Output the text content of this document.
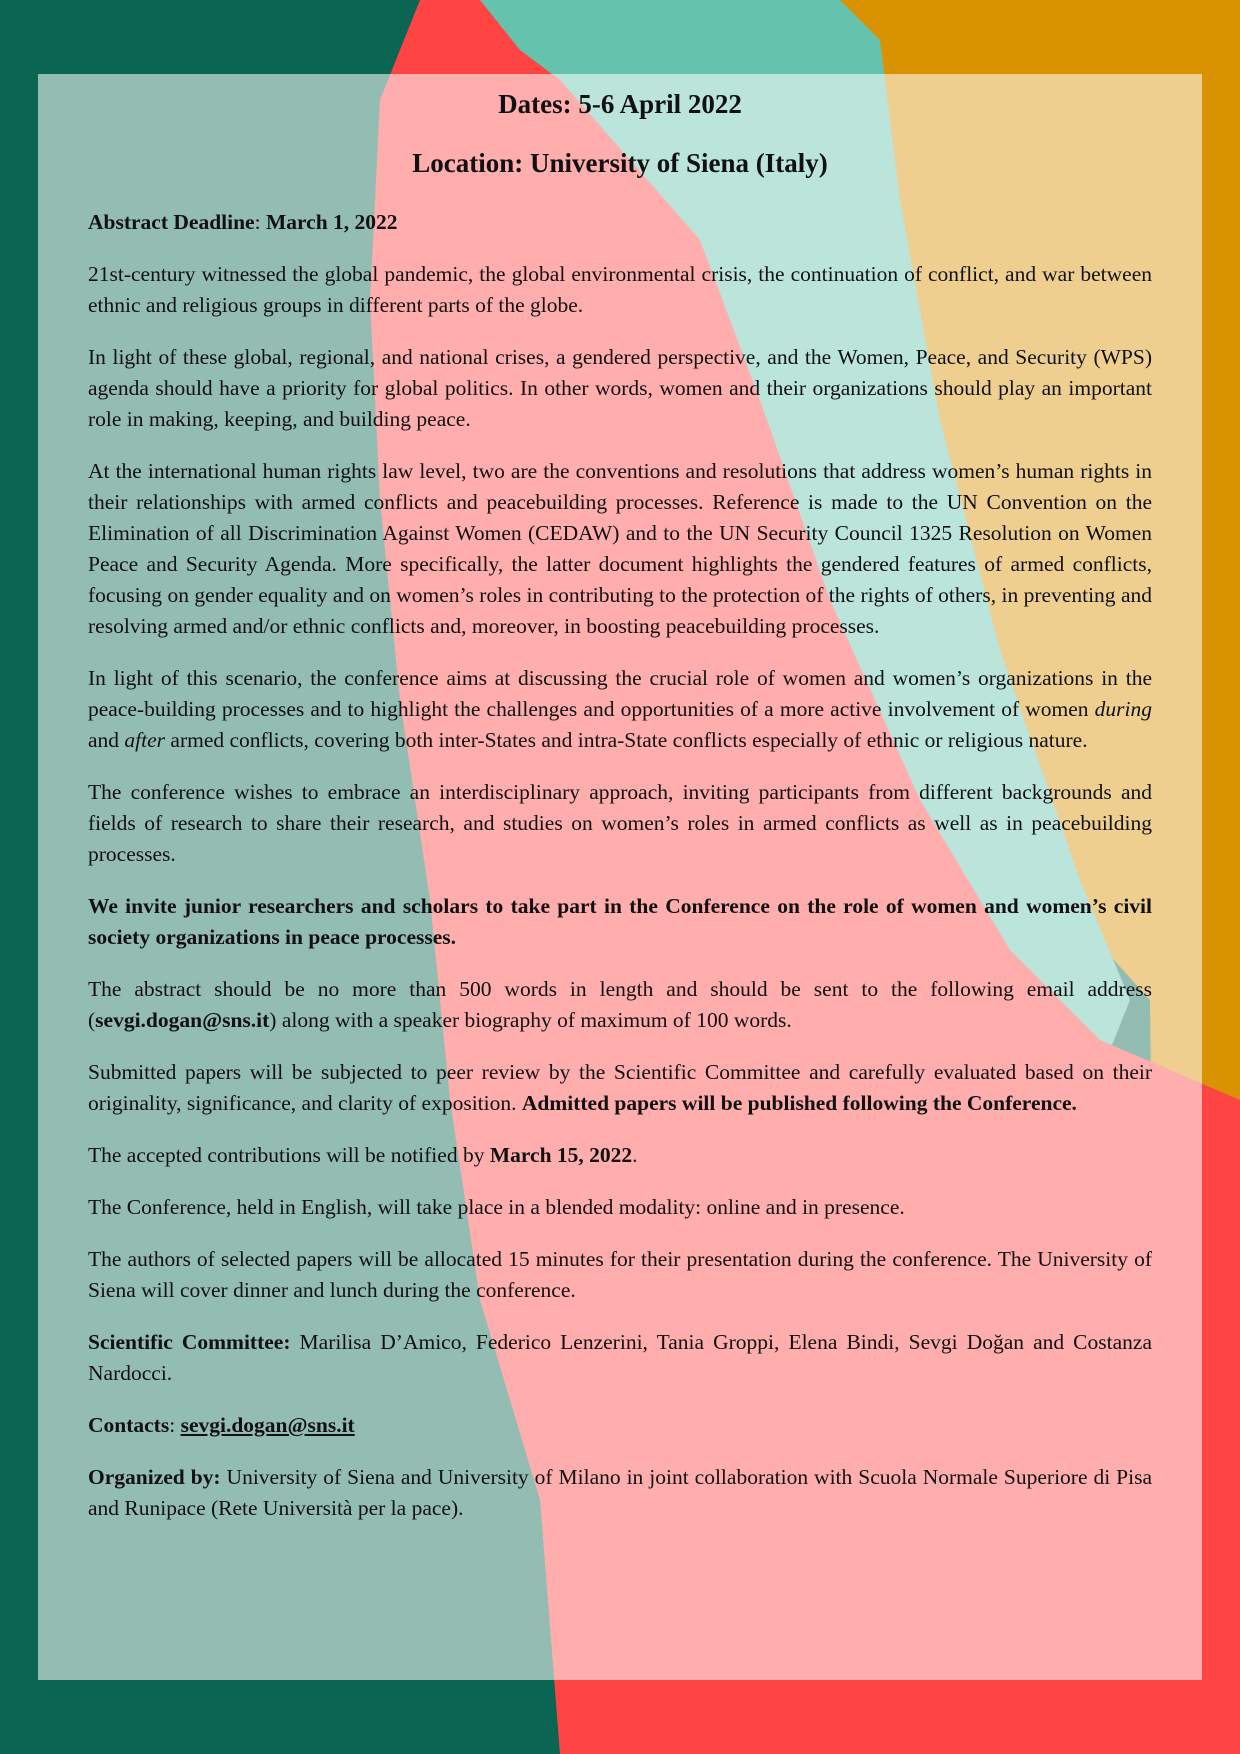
Dates: 5-6 April 2022
Location: University of Siena (Italy)

Abstract Deadline: March 1, 2022

21st-century witnessed the global pandemic, the global environmental crisis, the continuation of conflict, and war between ethnic and religious groups in different parts of the globe.

In light of these global, regional, and national crises, a gendered perspective, and the Women, Peace, and Security (WPS) agenda should have a priority for global politics. In other words, women and their organizations should play an important role in making, keeping, and building peace.

At the international human rights law level, two are the conventions and resolutions that address women’s human rights in their relationships with armed conflicts and peacebuilding processes. Reference is made to the UN Convention on the Elimination of all Discrimination Against Women (CEDAW) and to the UN Security Council 1325 Resolution on Women Peace and Security Agenda. More specifically, the latter document highlights the gendered features of armed conflicts, focusing on gender equality and on women’s roles in contributing to the protection of the rights of others, in preventing and resolving armed and/or ethnic conflicts and, moreover, in boosting peacebuilding processes.

In light of this scenario, the conference aims at discussing the crucial role of women and women’s organizations in the peace-building processes and to highlight the challenges and opportunities of a more active involvement of women during and after armed conflicts, covering both inter-States and intra-State conflicts especially of ethnic or religious nature.

The conference wishes to embrace an interdisciplinary approach, inviting participants from different backgrounds and fields of research to share their research, and studies on women’s roles in armed conflicts as well as in peacebuilding processes.

We invite junior researchers and scholars to take part in the Conference on the role of women and women’s civil society organizations in peace processes.

The abstract should be no more than 500 words in length and should be sent to the following email address (sevgi.dogan@sns.it) along with a speaker biography of maximum of 100 words.

Submitted papers will be subjected to peer review by the Scientific Committee and carefully evaluated based on their originality, significance, and clarity of exposition. Admitted papers will be published following the Conference.

The accepted contributions will be notified by March 15, 2022.

The Conference, held in English, will take place in a blended modality: online and in presence.

The authors of selected papers will be allocated 15 minutes for their presentation during the conference. The University of Siena will cover dinner and lunch during the conference.

Scientific Committee: Marilisa D’Amico, Federico Lenzerini, Tania Groppi, Elena Bindi, Sevgi Doğan and Costanza Nardocci.

Contacts: sevgi.dogan@sns.it

Organized by: University of Siena and University of Milano in joint collaboration with Scuola Normale Superiore di Pisa and Runipace (Rete Università per la pace).
